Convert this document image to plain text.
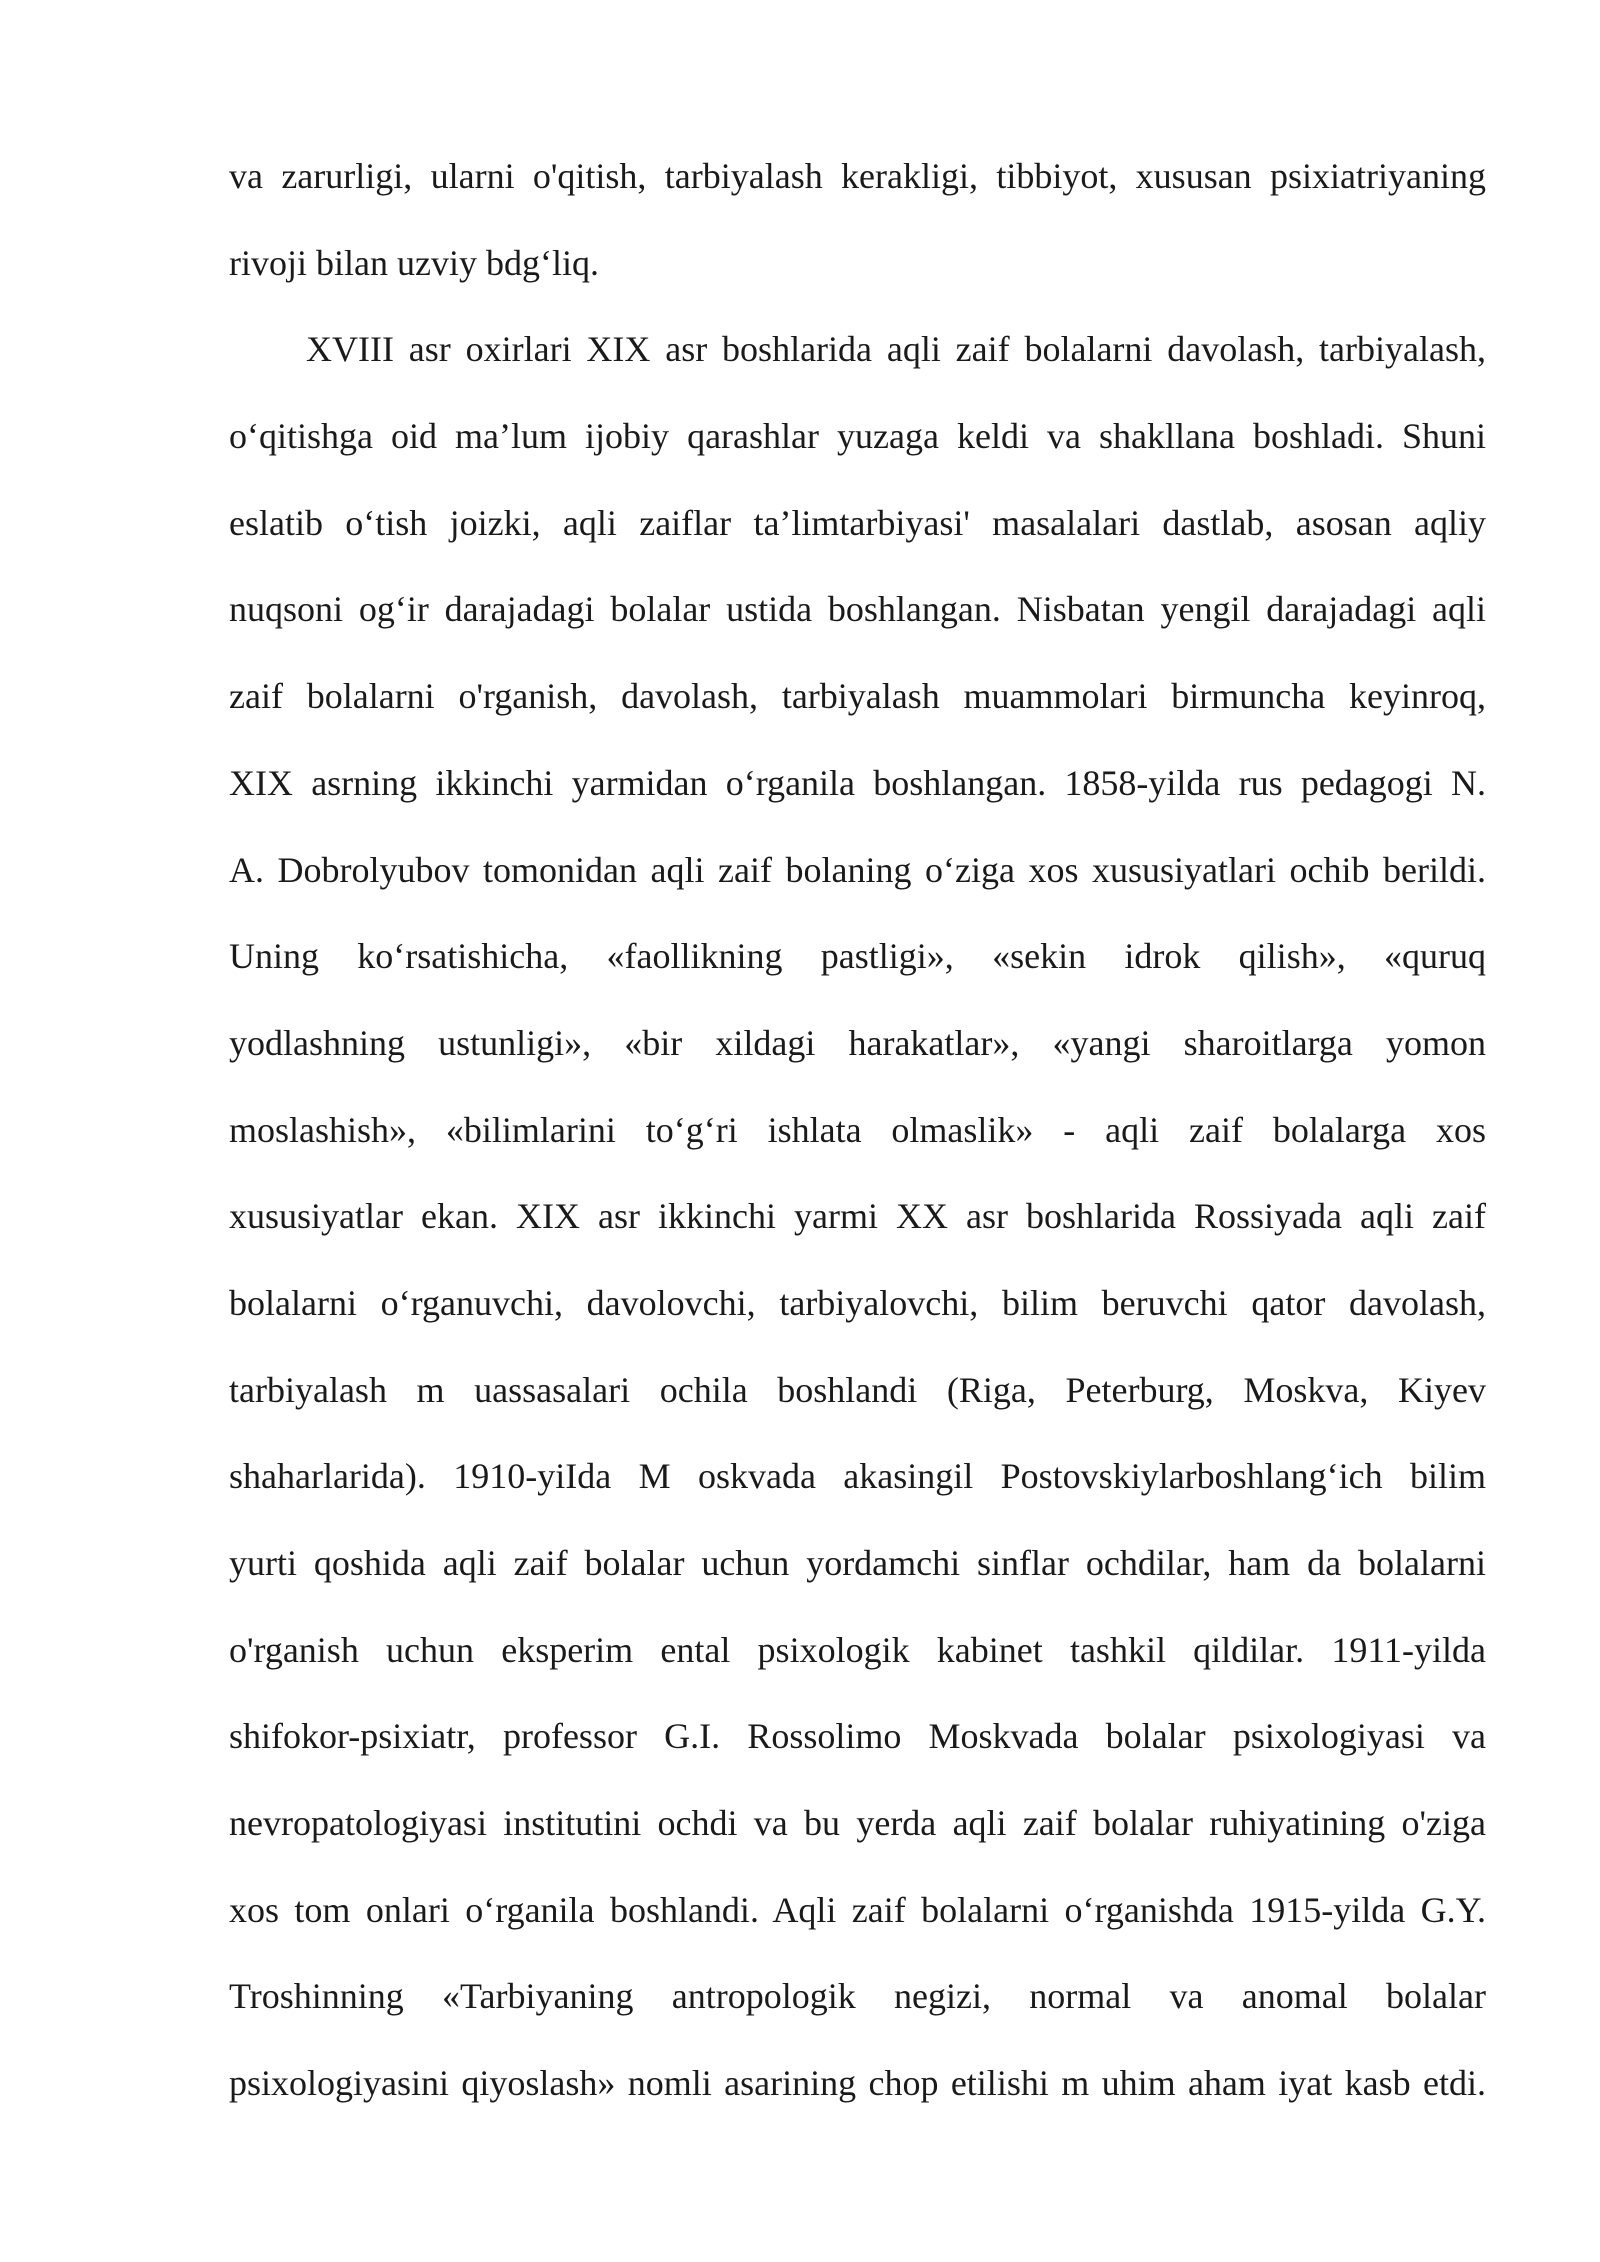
va zarurligi, ularni o'qitish, tarbiyalash kerakligi, tibbiyot, xususan psixiatriyaning
rivoji bilan uzviy bdg‘liq.
XVIII asr oxirlari XIX asr boshlarida aqli zaif bolalarni davolash, tarbiyalash,
o‘qitishga oid ma’lum ijobiy qarashlar yuzaga keldi va shakllana boshladi. Shuni
eslatib o‘tish joizki, aqli zaiflar ta’limtarbiyasi' masalalari dastlab, asosan aqliy
nuqsoni og‘ir darajadagi bolalar ustida boshlangan. Nisbatan yengil darajadagi aqli
zaif bolalarni o'rganish, davolash, tarbiyalash muammolari birmuncha keyinroq,
XIX asrning ikkinchi yarmidan o‘rganila boshlangan. 1858-yilda rus pedagogi N.
A. Dobrolyubov tomonidan aqli zaif bolaning o‘ziga xos xususiyatlari ochib berildi.
Uning ko‘rsatishicha, «faollikning pastligi», «sekin idrok qilish», «quruq
yodlashning ustunligi», «bir xildagi harakatlar», «yangi sharoitlarga yomon
moslashish», «bilimlarini to‘g‘ri ishlata olmaslik» - aqli zaif bolalarga xos
xususiyatlar ekan. XIX asr ikkinchi yarmi XX asr boshlarida Rossiyada aqli zaif
bolalarni o‘rganuvchi, davolovchi, tarbiyalovchi, bilim beruvchi qator davolash,
tarbiyalash m uassasalari ochila boshlandi (Riga, Peterburg, Moskva, Kiyev
shaharlarida). 1910-yiIda M oskvada akasingil Postovskiylarboshlang‘ich bilim
yurti qoshida aqli zaif bolalar uchun yordamchi sinflar ochdilar, ham da bolalarni
o'rganish uchun eksperim ental psixologik kabinet tashkil qildilar. 1911-yilda
shifokor-psixiatr, professor G.I. Rossolimo Moskvada bolalar psixologiyasi va
nevropatologiyasi institutini ochdi va bu yerda aqli zaif bolalar ruhiyatining o'ziga
xos tom onlari o‘rganila boshlandi. Aqli zaif bolalarni o‘rganishda 1915-yilda G.Y.
Troshinning «Tarbiyaning antropologik negizi, normal va anomal bolalar
psixologiyasini qiyoslash» nomli asarining chop etilishi m uhim aham iyat kasb etdi.
